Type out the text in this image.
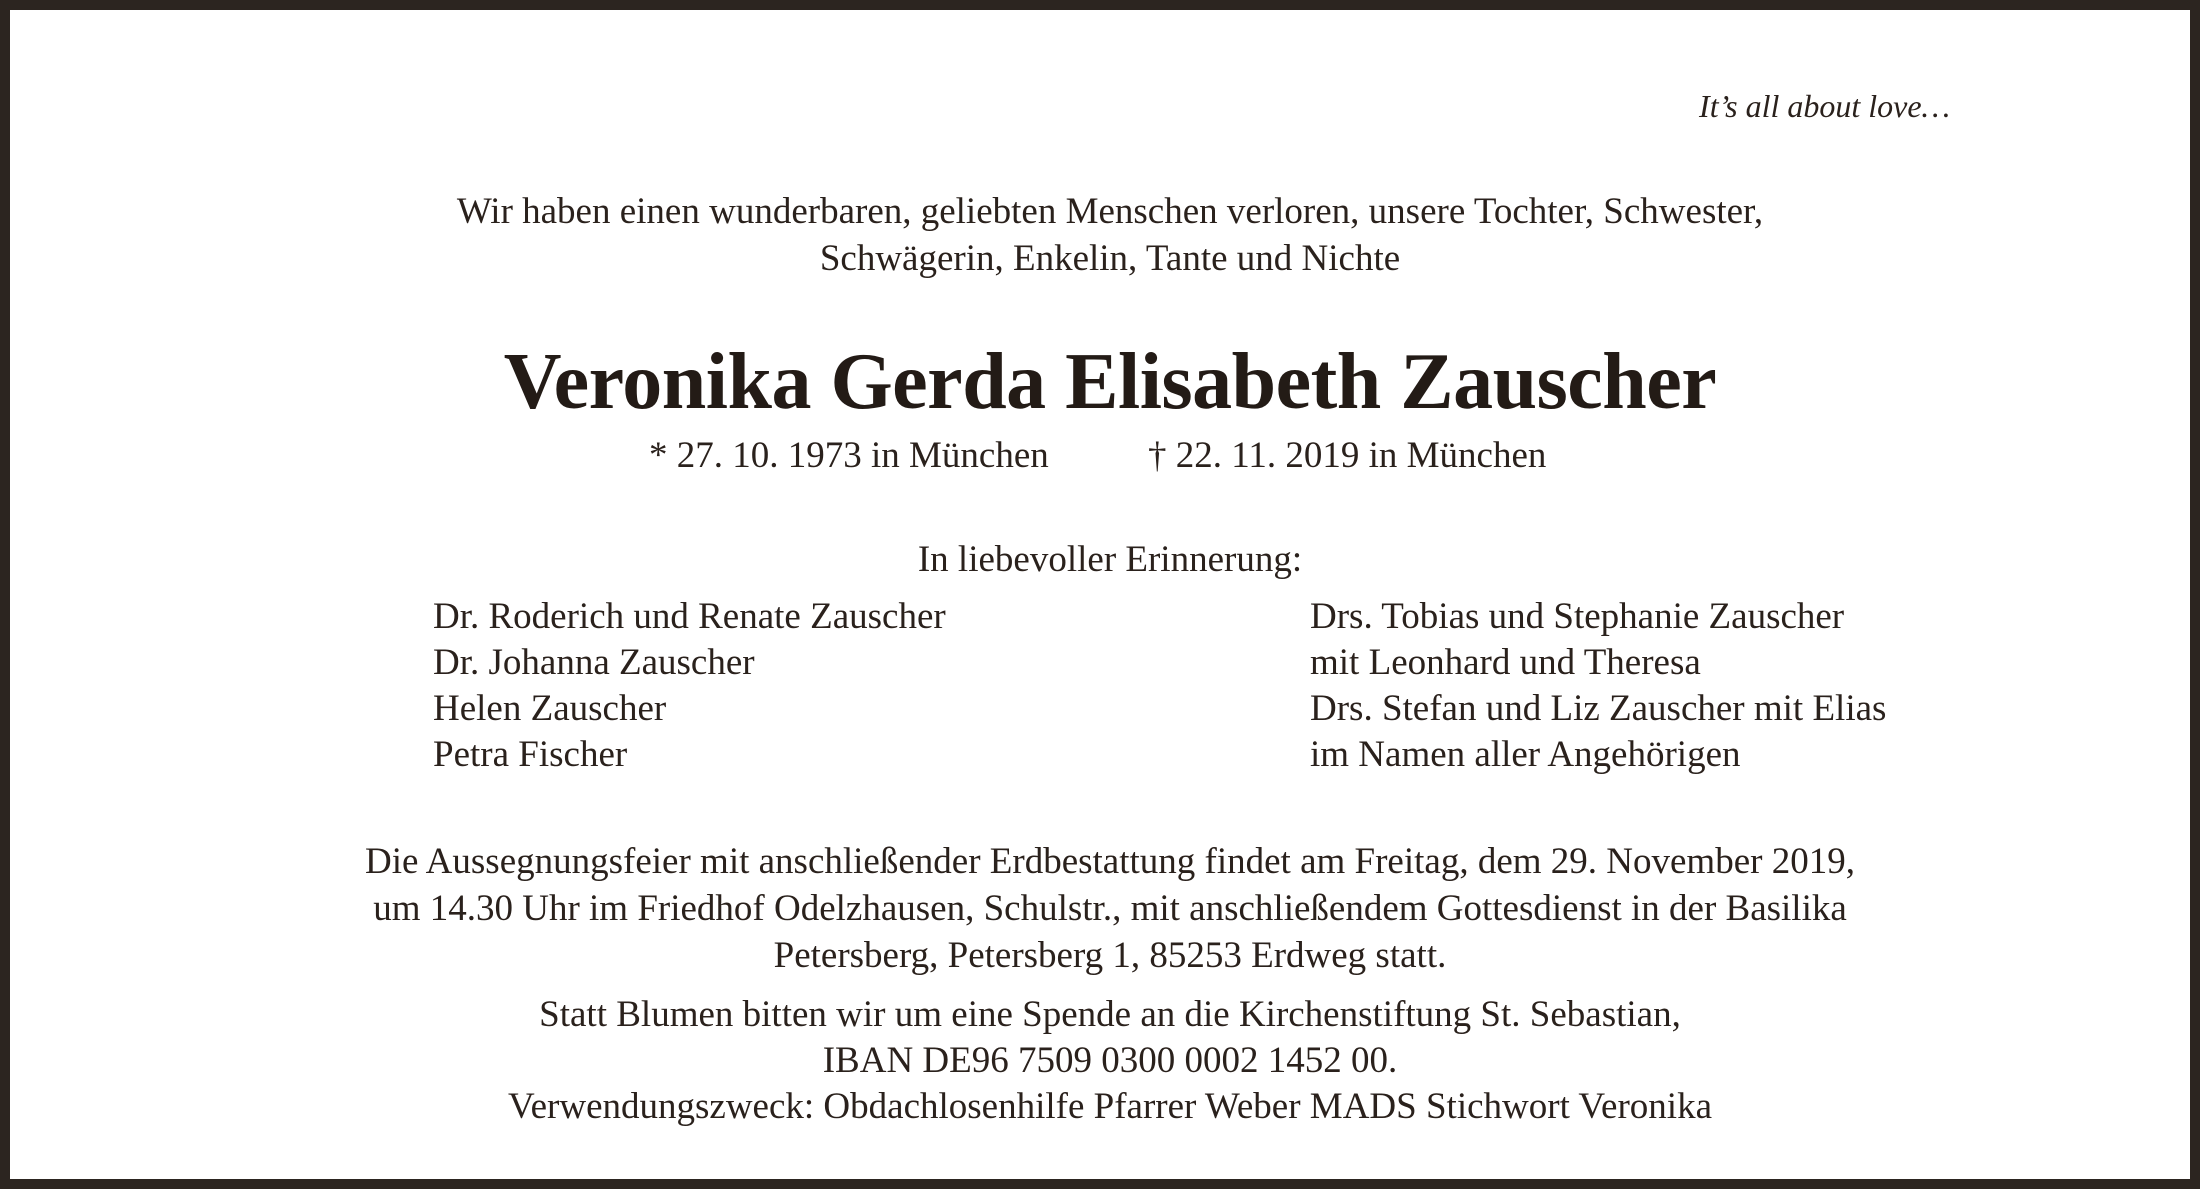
It’s all about love…
Wir haben einen wunderbaren, geliebten Menschen verloren, unsere Tochter, Schwester,
Schwägerin, Enkelin, Tante und Nichte
Veronika Gerda Elisabeth Zauscher
* 27. 10. 1973 in München	† 22. 11. 2019 in München
In liebevoller Erinnerung:
Dr. Roderich und Renate Zauscher
Dr. Johanna Zauscher
Helen Zauscher
Petra Fischer
Drs. Tobias und Stephanie Zauscher
mit Leonhard und Theresa
Drs. Stefan und Liz Zauscher mit Elias
im Namen aller Angehörigen
Die Aussegnungsfeier mit anschließender Erdbestattung findet am Freitag, dem 29. November 2019,
um 14.30 Uhr im Friedhof Odelzhausen, Schulstr., mit anschließendem Gottesdienst in der Basilika
Petersberg, Petersberg 1, 85253 Erdweg statt.
Statt Blumen bitten wir um eine Spende an die Kirchenstiftung St. Sebastian,
IBAN DE96 7509 0300 0002 1452 00.
Verwendungszweck: Obdachlosenhilfe Pfarrer Weber MADS Stichwort Veronika
